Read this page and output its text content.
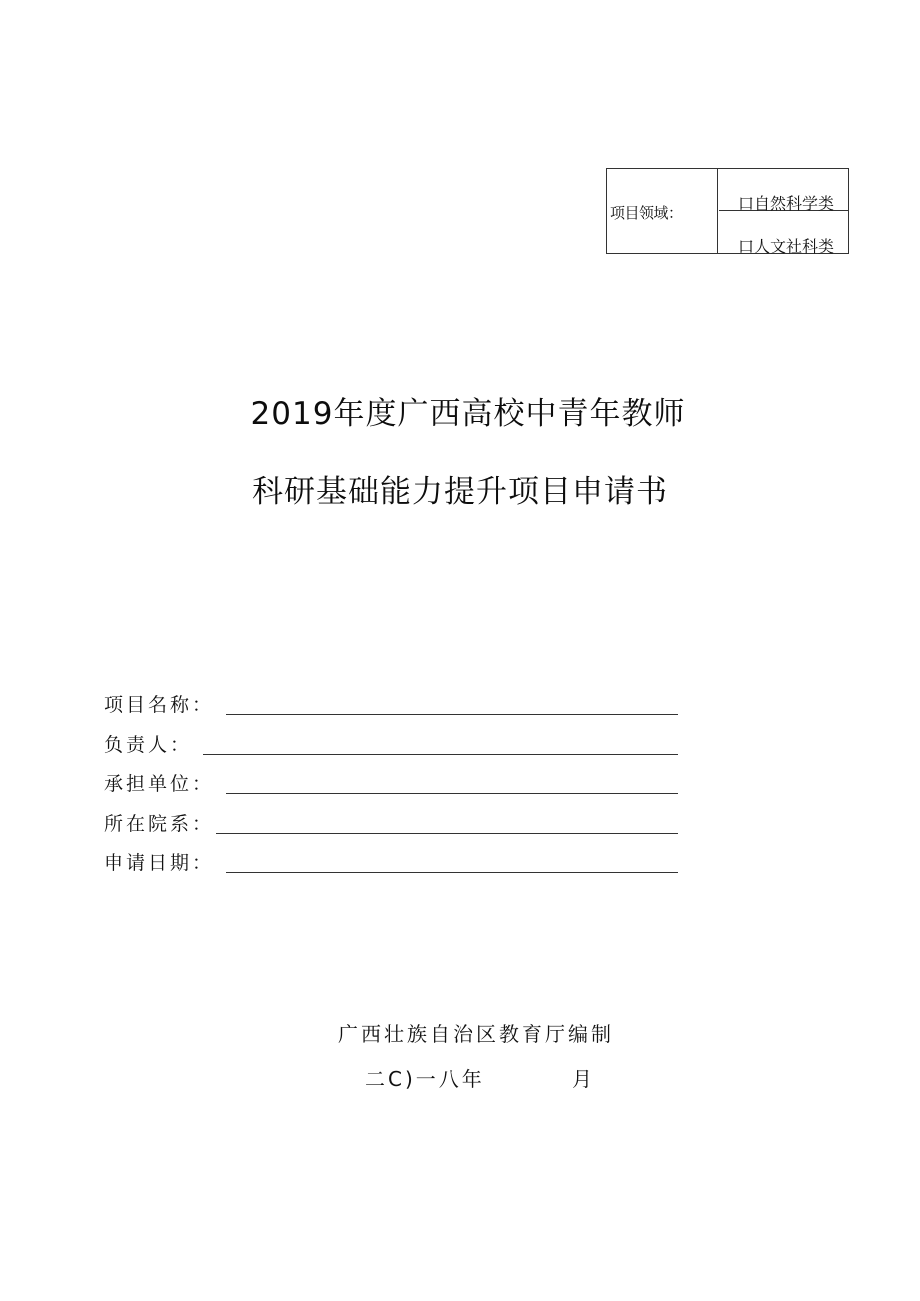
项目领域：	口自然科学类
口人文社科类
2019年度广西高校中青年教师
科研基础能力提升项目申请书
项目名称：
负责人：
承担单位：
所在院系：
申请日期：
广西壮族自治区教育厅编制
二C)一八年	月
